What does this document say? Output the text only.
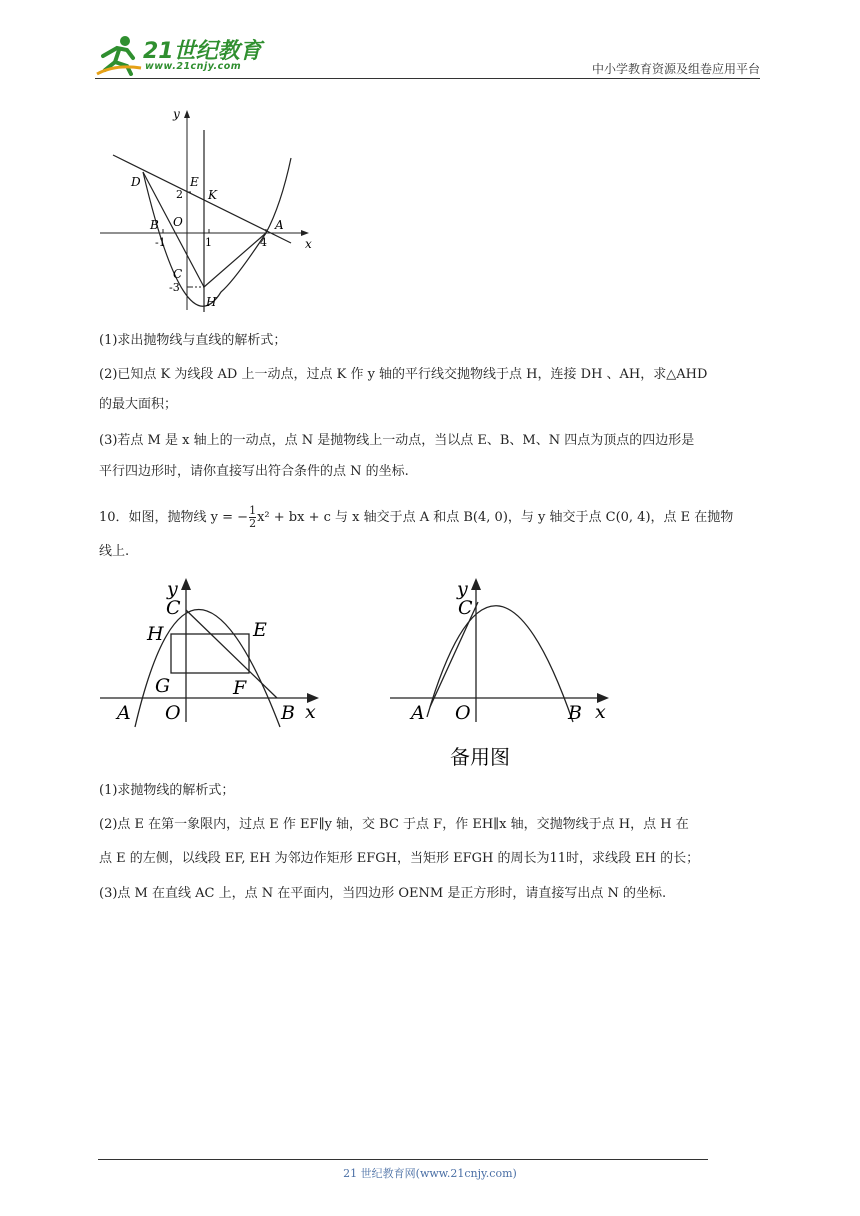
21世纪教育
www.21cnjy.com	中小学教育资源及组卷应用平台
y
x
D	E
K
B O	A
C
H
2
-1	1	4
-3
(1)求出抛物线与直线的解析式；
(2)已知点 K 为线段 AD 上一动点，过点 K 作 y 轴的平行线交抛物线于点 H，连接 DH 、AH，求△AHD
的最大面积；
(3)若点 M 是 x 轴上的一动点，点 N 是抛物线上一动点，当以点 E、B、M、N 四点为顶点的四边形是
平行四边形时，请你直接写出符合条件的点 N 的坐标.
10．如图，抛物线 y = − $\frac{1}{2} x^2$ + bx + c 与 x 轴交于点 A 和点 B(4, 0)，与 y 轴交于点 C(0, 4)，点 E 在抛物
线上.
y
x
C
H	E
G	F
A O	B
y
x
C
A O	B
备用图
(1)求抛物线的解析式；
(2)点 E 在第一象限内，过点 E 作 EF∥y 轴，交 BC 于点 F，作 EH∥x 轴，交抛物线于点 H，点 H 在
点 E 的左侧，以线段 EF, EH 为邻边作矩形 EFGH，当矩形 EFGH 的周长为11时，求线段 EH 的长；
(3)点 M 在直线 AC 上，点 N 在平面内，当四边形 OENM 是正方形时，请直接写出点 N 的坐标.
21 世纪教育网(www.21cnjy.com)
